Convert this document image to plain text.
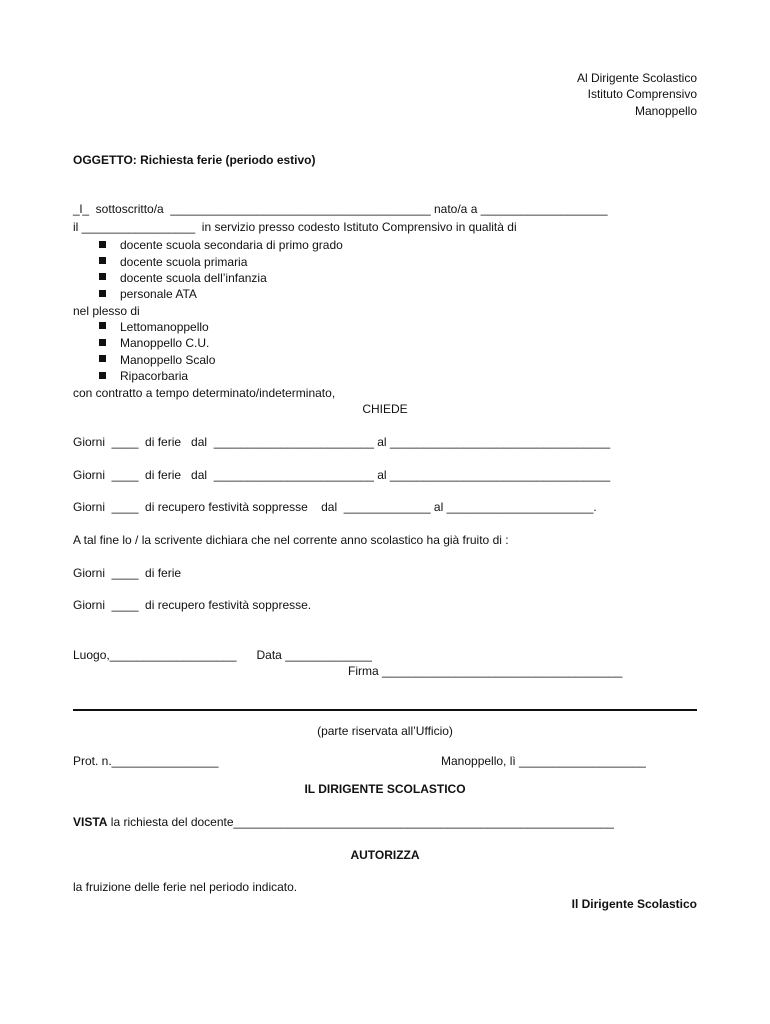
Al Dirigente Scolastico
Istituto Comprensivo
Manoppello
OGGETTO: Richiesta ferie (periodo estivo)
_l_  sottoscritto/a  _______________________________________ nato/a a ___________________
il _________________  in servizio presso codesto Istituto Comprensivo in qualità di
docente scuola secondaria di primo grado
docente scuola primaria
docente scuola dell’infanzia
personale ATA
nel plesso di
Lettomanoppello
Manoppello C.U.
Manoppello Scalo
Ripacorbaria
con contratto a tempo determinato/indeterminato,
CHIEDE
Giorni  ____  di ferie   dal  ________________________ al _________________________________
Giorni  ____  di ferie   dal  ________________________ al _________________________________
Giorni  ____  di recupero festività soppresse    dal  _____________ al ______________________.
A tal fine lo / la scrivente dichiara che nel corrente anno scolastico ha già fruito di :
Giorni  ____  di ferie
Giorni  ____  di recupero festività soppresse.
Luogo,___________________      Data _____________
Firma ____________________________________
(parte riservata all’Ufficio)
Prot. n.________________	Manoppello, lì ___________________
IL DIRIGENTE SCOLASTICO
VISTA la richiesta del docente_________________________________________________________
AUTORIZZA
la fruizione delle ferie nel periodo indicato.
Il Dirigente Scolastico
